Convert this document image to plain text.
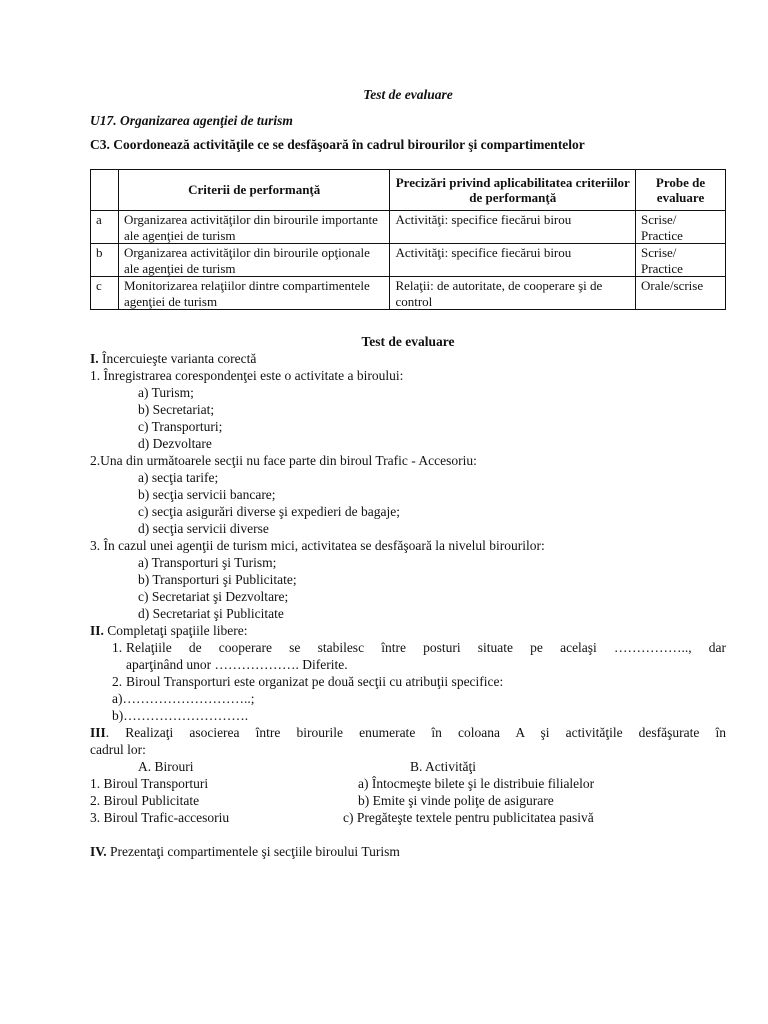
Test de evaluare
U17. Organizarea agenţiei de turism
C3. Coordonează activităţile ce se desfăşoară în cadrul birourilor şi compartimentelor
	Criterii de performanţă	Precizări privind aplicabilitatea criteriilor de performanţă	Probe de evaluare
a	Organizarea activităţilor din birourile importante ale agenţiei de turism	Activităţi: specifice fiecărui birou	Scrise/ Practice
b	Organizarea activităţilor din birourile opţionale ale agenţiei de turism	Activităţi: specifice fiecărui birou	Scrise/ Practice
c	Monitorizarea relaţiilor dintre compartimentele agenţiei de turism	Relaţii: de autoritate, de cooperare şi de control	Orale/scrise
Test de evaluare
I. Încercuieşte varianta corectă
1. Înregistrarea corespondenţei este o activitate a biroului:
a) Turism;
b) Secretariat;
c) Transporturi;
d) Dezvoltare
2.Una din următoarele secţii nu face parte din biroul Trafic - Accesoriu:
a) secţia tarife;
b) secţia servicii bancare;
c) secţia asigurări diverse şi expedieri de bagaje;
d) secţia servicii diverse
3. În cazul unei agenţii de turism mici, activitatea se desfăşoară la nivelul birourilor:
a) Transporturi şi Turism;
b) Transporturi şi Publicitate;
c) Secretariat şi Dezvoltare;
d) Secretariat şi Publicitate
II. Completaţi spaţiile libere:
1. Relaţiile de cooperare se stabilesc între posturi situate pe acelaşi …………….., dar
aparţinând unor ………………. Diferite.
2. Biroul Transporturi este organizat pe două secţii cu atribuţii specifice:
a)………………………..;
b)……………………….
III. Realizaţi asocierea între birourile enumerate în coloana A şi activităţile desfăşurate în
cadrul lor:
A. Birouri	B. Activităţi
1. Biroul Transporturi	a) Întocmeşte bilete şi le distribuie filialelor
2. Biroul Publicitate	b) Emite şi vinde poliţe de asigurare
3. Biroul Trafic-accesoriu	c) Pregăteşte textele pentru publicitatea pasivă
IV. Prezentaţi compartimentele şi secţiile biroului Turism
